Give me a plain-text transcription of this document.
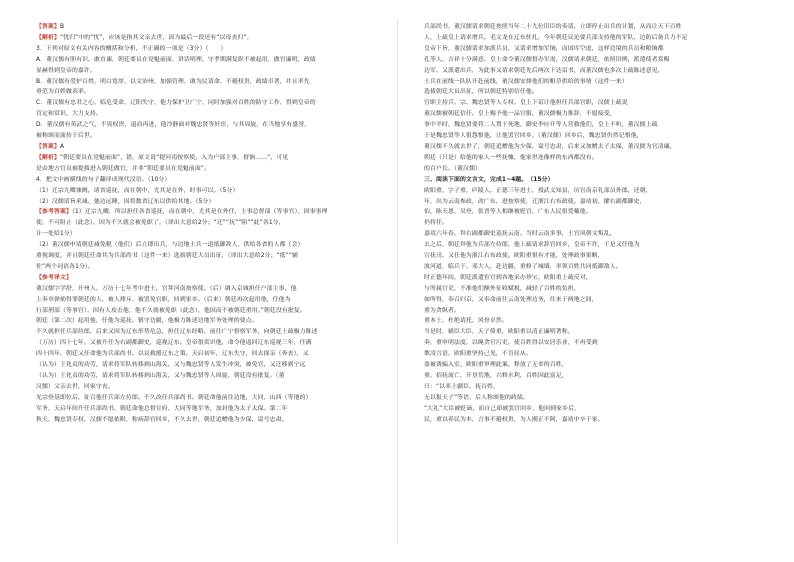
【答案】B

【解析】“忧归”中的“忧”，应该是指其父亲去世，因为最后一段还有“以母丧归”。

3．下列对原文有关内容的概括和分析，不正确的一项是（3分）（　　）

A．董汉儒有胆有识，敢直谏，朝廷要员在党魁前面，讲话明理，守孝期满复职不被起用，做官廉明，政绩

显赫得到皇帝的嘉许。

B．董汉儒有爱护百姓，明白宽厚，以文治州，加强管理，敢为民请命，不避权贵，政绩卓著，并且率先

垂范为百姓做表率。

C．董汉儒有忠君之心，临危受命，辽阳失守，他力保护卫广宁，同时加强对百姓的防守工作，得到皇帝的

肯定和赏识，大力支持。

D．董汉儒有英武之气，不畏权贵，退而再进，他冷静面对魏忠贤等奸宦，与其周旋，在当地享有盛誉，

被称颂而流传于后世。

【答案】A

【解析】“朝廷要员在党魁前面”，错，原文说“提河南按察使，入为户部主事，督饷……”，可见

是由地方官员被提拔进入朝廷做官，并非“朝廷要员在党魁前面”。

4．把文中画横线的句子翻译成现代汉语。（10分）

（1）迁宗九卿兼阙，诸省巡抚，而在朝中，尤其是在外，时事可以。（5分）

（2）汉儒请旨求减、弛边远陲，因将数省辽东以供给其地。（5分）

【参考答案】（1）迁宗九卿，所以担任各省巡抚，而在朝中，尤其是在外任，主事总督部（等事官）、因事事理

使，不可阻止（此念），因为不久就会被免职了。（译出大意给2分；“迁”“抚”“阻”“此”各1分，

计一处给1分）

（2）董汉儒申请朝廷减免税（他们）后立即出兵，与边地士兵一道抵御敌人，供给各省的人都（会）

重视调度，并且朝廷任命其为兵部尚书（这件一来）选拔朝廷大员出征，（译出大意给2分；“抵”“辅

佐”两个词语各1分）。

【参考译文】

董汉儒字学舒，开州人。万历十七年考中进士，官拜河南按察使。（后）调入京城担任户部主事，他

上奏章弹劾得罪朝廷的人，被人排斥，被罢免官职，回到家乡。（后来）朝廷再次起用他，任他为

行部刑部（等事官）。因有人攻击他，他不久就被免职（此念），他因而不被朝廷重用。”朝廷没有批复。

朝廷（第二次）起用他，任他为巡抚，镇守边疆，他极力陈述边地军务处理的要点。

不久就担任兵部侍郎，后来又因为辽东形势危急，担任辽东经略，前往广宁督察军务，向朝廷上疏极力陈述

（万历）四十七年，又被升任为右副都御史，巡视辽东。皇帝很赏识他，命令他返回辽东巡视三年，任满

四十四年，朝廷又任命他为兵部尚书，以议救援辽东之策，天启初年，辽东失守，回去探亲（奔丧），又

（认为）王化贞的功劳，请求将军队转移到山海关，又与魏忠贤等人发生冲突，被免官，又迁移到宁远

（认为）王化贞的功劳，请求将军队转移到山海关，又与魏忠贤等人周旋，朝廷没有批复。（董

汉儒）父亲去世，回家守丧。

光宗登基即位后，征召他任兵部左侍郎。不久改任兵部尚书。朝廷命他前往边地，大同、山西（等地的）

军务，天启年间升任兵部尚书，朝廷命他总督宣府、大同等地军务，加封他为太子太保。第二年

秋天，魏忠贤专权，汉儒不愿依附，称病辞官回乡，不久去世，朝廷追赠他为少保，谥号忠肃。

兵部尚书，董汉儒请求朝廷按照当年二十九位旧臣的奏请，立即停止出兵的计划，从而让天下百姓

人，上疏皇上请求增兵。毛文龙在辽东驻扎，今年朝廷议论要兵部支持他的军队，边防后备兵力不足

皇帝下旨，董汉儒请求加派兵员，又请求增加军饷，而国库空虚，这样边境的兵员和粮饷都

孔等人，吉祥十分满意。皇上命令董汉儒督办军需，汉儒请求朝廷，依照旧例，派遣使者赏赐

边军，又派遣出兵，为此事又请求朝廷先后两次下达诏书，而董汉儒也多次上疏陈述意见，

士兵在前线一队队开赴前线，董汉儒安排他们的粮草供给的事情（这件一来）

选拔朝廷大员出征，所以朝廷特别信任他。

官职主持兵、宗、魏忠贤等人专权。皇上下诏让他担任兵部官职，汉儒上疏说

董汉儒被朝廷信任。皇上赐予他一品官服，董汉儒极力推辞，不愿接受，

事中羊时，魏忠贤要将二人置于死地，御史李应升等人营救他们，皇上不听，董汉儒上疏

于是魏忠贤等人很怨恨他，让他罢官回乡。（董汉儒）回乡后，魏忠贤仍然记恨他，

董汉儒不久就去世了，朝廷追赠他为少保，谥号忠肃，后来又加赠太子太保，董汉儒为官清廉，

朝廷（只是）给他的家人一些抚恤，他家里连像样的东西都没有。

的百户长。（董汉儒）

三、阅读下面的文言文，完成1~4题。（15分）

欧阳重，字子重，庐陵人。正德三年进士，授武义知县，历官南京礼部员外郎，还朝，

年，出为云南参政，改广东，进按察使，迁浙江右布政使。嘉靖初，擢右副都御史，

伯，陈天恩，吴登，张晋等人相继被贬官，广东人民很爱戴他。

仍将任。

嘉靖六年春，拜右副都御史巡抚云南。当时云南多事，土官凤朝文叛乱，

去之后，朝廷拜他为兵部左侍郎，他上疏请求辞官回乡，皇帝不许，于是又任他为

宣抚司，又任他为浙江右布政使。欧阳重很有才能，处理政事果断，

波河道，临兵于、邓大人，赴边疆，重修了城墙，率领百姓共同抵御敌人。

时正德年间，朝廷派遣宦官到各地采办珍宝，欧阳重上疏反对，

与所属官吏，不准他们额外征收赋税，减轻了百姓的负担，

如所得，奉召归京，又奉命前往云南处理边务，往来于两地之间，

重为贪纵者。

重本土，杜绝请托，风骨卓然。

当是时，辅臣大臣，天子倚重，欧阳重以清正廉明著称。

奏，重申明法度，以绳贪官污吏，使百姓得以安居乐业，不再受到

欺凌言语，欧阳重坚持己见，不肯屈从。

盗被诱骗入室，欧阳重审理此案，释放了无辜的百姓，

重，招抚流亡，开垦荒地，兴修水利，百姓因此富足，

曰：“以率土疆臣，抚百姓，

无以报天子”等语，后人称颂他的政绩。

“大礼”大臣被贬谪，而自己却被罢官回乡，他回到家乡后，

民，重以养民为本，言事不避权贵，为人刚正不阿，嘉靖中卒于家。
